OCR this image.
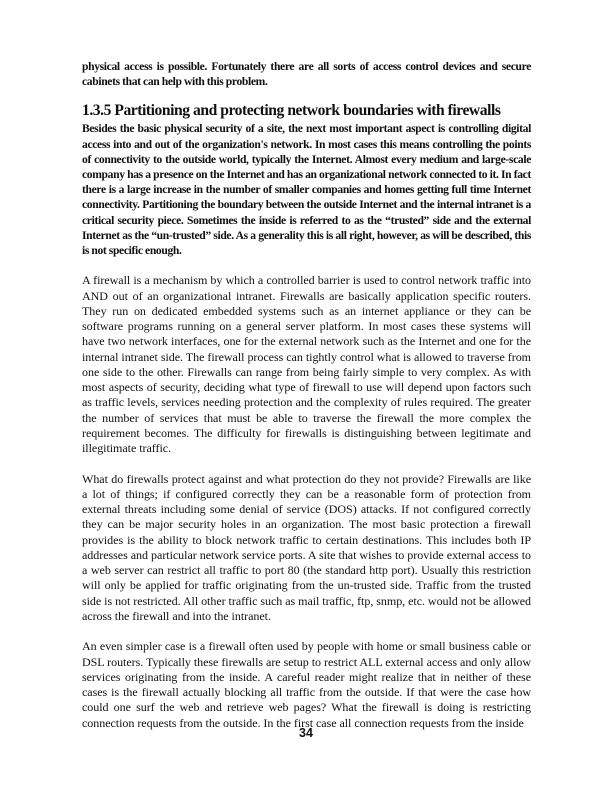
physical access is possible. Fortunately there are all sorts of access control devices and secure cabinets that can help with this problem.

1.3.5 Partitioning and protecting network boundaries with firewalls

Besides the basic physical security of a site, the next most important aspect is controlling digital access into and out of the organization's network. In most cases this means controlling the points of connectivity to the outside world, typically the Internet. Almost every medium and large-scale company has a presence on the Internet and has an organizational network connected to it. In fact there is a large increase in the number of smaller companies and homes getting full time Internet connectivity. Partitioning the boundary between the outside Internet and the internal intranet is a critical security piece. Sometimes the inside is referred to as the “trusted” side and the external Internet as the “un-trusted” side. As a generality this is all right, however, as will be described, this is not specific enough.

A firewall is a mechanism by which a controlled barrier is used to control network traffic into AND out of an organizational intranet. Firewalls are basically application specific routers. They run on dedicated embedded systems such as an internet appliance or they can be software programs running on a general server platform. In most cases these systems will have two network interfaces, one for the external network such as the Internet and one for the internal intranet side. The firewall process can tightly control what is allowed to traverse from one side to the other. Firewalls can range from being fairly simple to very complex. As with most aspects of security, deciding what type of firewall to use will depend upon factors such as traffic levels, services needing protection and the complexity of rules required. The greater the number of services that must be able to traverse the firewall the more complex the requirement becomes. The difficulty for firewalls is distinguishing between legitimate and illegitimate traffic.

What do firewalls protect against and what protection do they not provide? Firewalls are like a lot of things; if configured correctly they can be a reasonable form of protection from external threats including some denial of service (DOS) attacks. If not configured correctly they can be major security holes in an organization. The most basic protection a firewall provides is the ability to block network traffic to certain destinations. This includes both IP addresses and particular network service ports. A site that wishes to provide external access to a web server can restrict all traffic to port 80 (the standard http port). Usually this restriction will only be applied for traffic originating from the un-trusted side. Traffic from the trusted side is not restricted. All other traffic such as mail traffic, ftp, snmp, etc. would not be allowed across the firewall and into the intranet.

An even simpler case is a firewall often used by people with home or small business cable or DSL routers. Typically these firewalls are setup to restrict ALL external access and only allow services originating from the inside. A careful reader might realize that in neither of these cases is the firewall actually blocking all traffic from the outside. If that were the case how could one surf the web and retrieve web pages? What the firewall is doing is restricting connection requests from the outside. In the first case all connection requests from the inside

34
